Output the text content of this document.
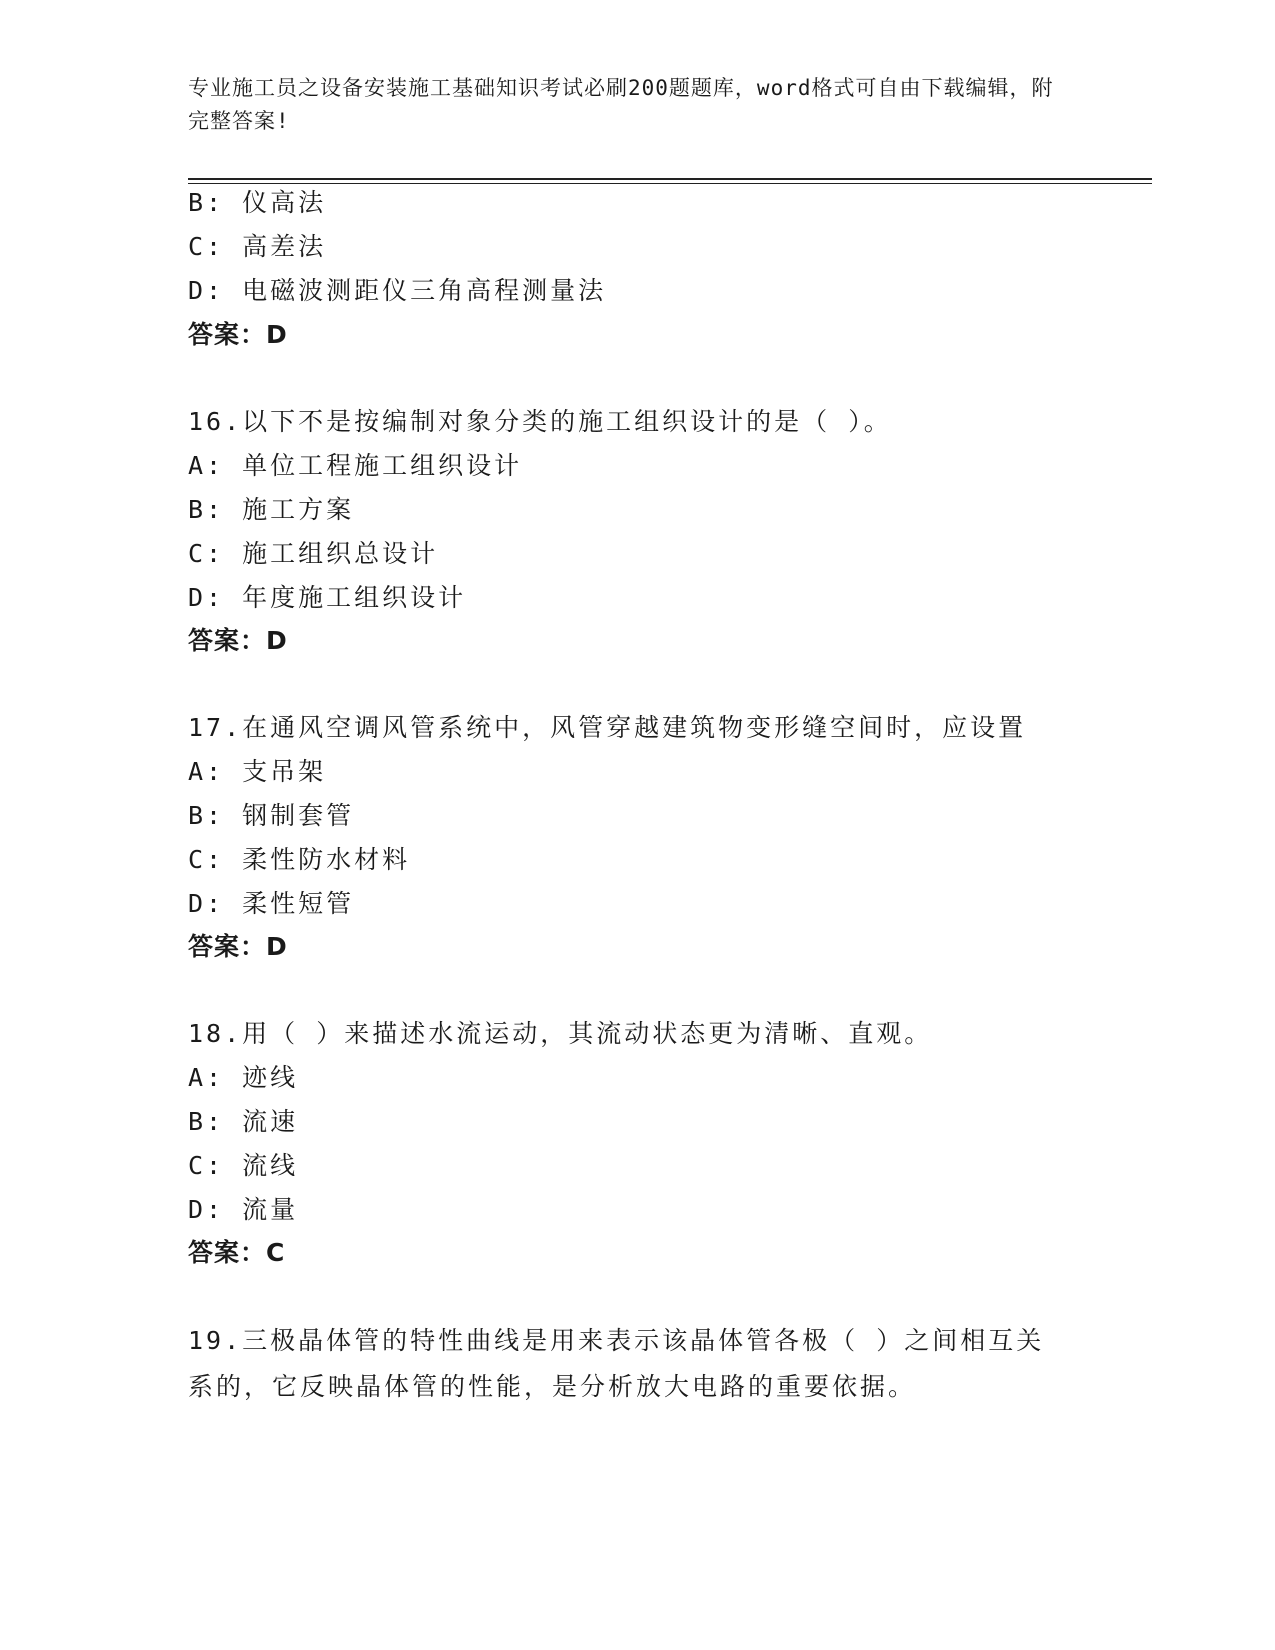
专业施工员之设备安装施工基础知识考试必刷200题题库，word格式可自由下载编辑，附完整答案!
B: 仪高法
C: 高差法
D: 电磁波测距仪三角高程测量法
答案：D
16.以下不是按编制对象分类的施工组织设计的是（ ）。
A: 单位工程施工组织设计
B: 施工方案
C: 施工组织总设计
D: 年度施工组织设计
答案：D
17.在通风空调风管系统中，风管穿越建筑物变形缝空间时，应设置
A: 支吊架
B: 钢制套管
C: 柔性防水材料
D: 柔性短管
答案：D
18.用（ ）来描述水流运动，其流动状态更为清晰、直观。
A: 迹线
B: 流速
C: 流线
D: 流量
答案：C
19.三极晶体管的特性曲线是用来表示该晶体管各极（ ）之间相互关系的，它反映晶体管的性能，是分析放大电路的重要依据。
